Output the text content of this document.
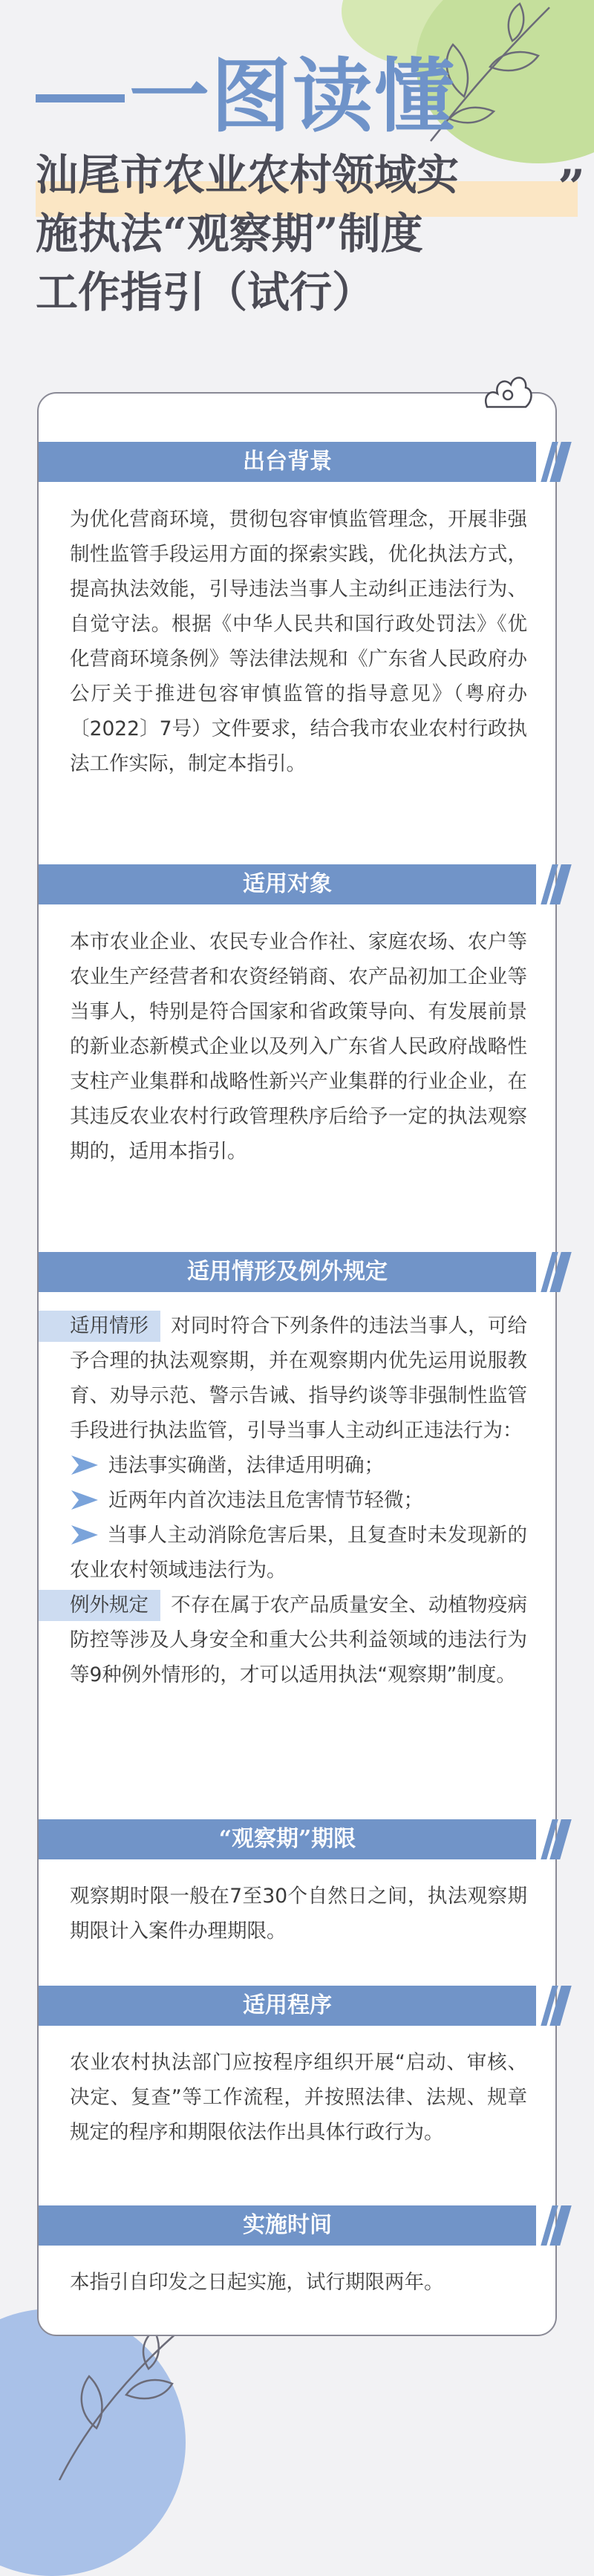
一图读懂
汕尾市农业农村领域实
施执法“观察期”制度
工作指引（试行）
”
出台背景
为优化营商环境，贯彻包容审慎监管理念，开展非强制性监管手段运用方面的探索实践，优化执法方式，提高执法效能，引导违法当事人主动纠正违法行为、自觉守法。根据《中华人民共和国行政处罚法》《优化营商环境条例》等法律法规和《广东省人民政府办公厅关于推进包容审慎监管的指导意见》（粤府办〔2022〕7号）文件要求，结合我市农业农村行政执法工作实际，制定本指引。
适用对象
本市农业企业、农民专业合作社、家庭农场、农户等农业生产经营者和农资经销商、农产品初加工企业等当事人，特别是符合国家和省政策导向、有发展前景的新业态新模式企业以及列入广东省人民政府战略性支柱产业集群和战略性新兴产业集群的行业企业，在其违反农业农村行政管理秩序后给予一定的执法观察期的，适用本指引。
适用情形及例外规定
适用情形 对同时符合下列条件的违法当事人，可给予合理的执法观察期，并在观察期内优先运用说服教育、劝导示范、警示告诫、指导约谈等非强制性监管手段进行执法监管，引导当事人主动纠正违法行为：
违法事实确凿，法律适用明确；
近两年内首次违法且危害情节轻微；
当事人主动消除危害后果，且复查时未发现新的农业农村领域违法行为。
例外规定 不存在属于农产品质量安全、动植物疫病防控等涉及人身安全和重大公共利益领域的违法行为等9种例外情形的，才可以适用执法“观察期”制度。
“观察期”期限
观察期时限一般在7至30个自然日之间，执法观察期期限计入案件办理期限。
适用程序
农业农村执法部门应按程序组织开展“启动、审核、决定、复查”等工作流程，并按照法律、法规、规章规定的程序和期限依法作出具体行政行为。
实施时间
本指引自印发之日起实施，试行期限两年。
